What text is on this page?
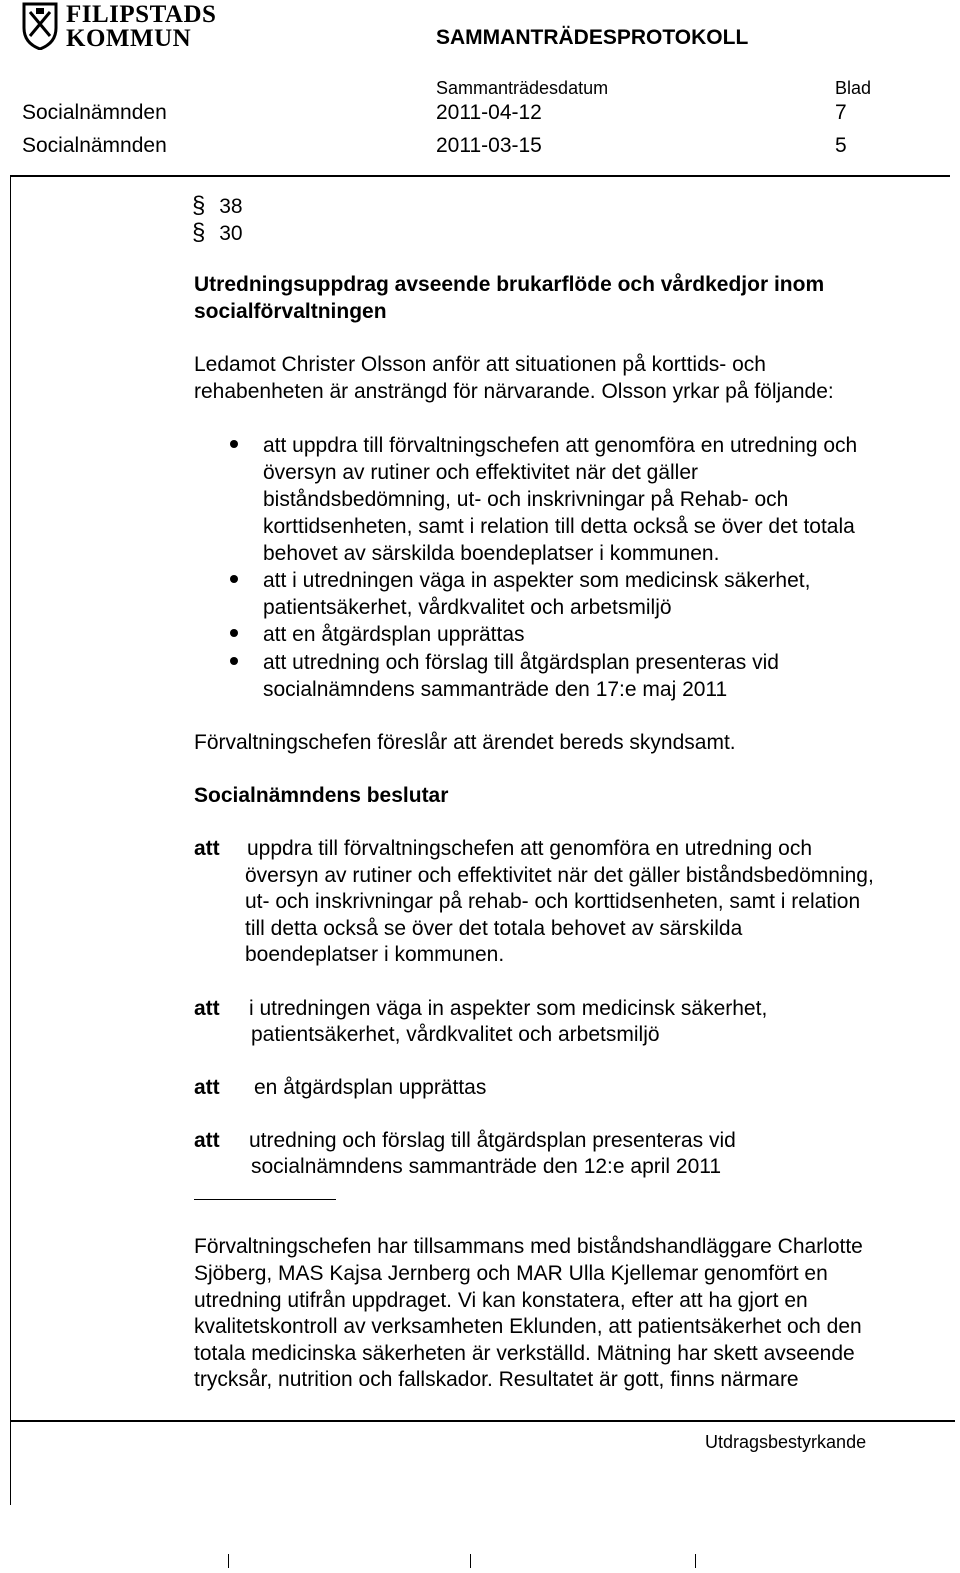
FILIPSTADS
KOMMUN	SAMMANTRÄDESPROTOKOLL
Sammanträdesdatum	Blad
Socialnämnden	2011-04-12	7
Socialnämnden	2011-03-15	5
§ 38
§ 30
Utredningsuppdrag avseende brukarflöde och vårdkedjor inom
socialförvaltningen
Ledamot Christer Olsson anför att situationen på korttids- och
rehabenheten är ansträngd för närvarande. Olsson yrkar på följande:
att uppdra till förvaltningschefen att genomföra en utredning och
översyn av rutiner och effektivitet när det gäller
biståndsbedömning, ut- och inskrivningar på Rehab- och
korttidsenheten, samt i relation till detta också se över det totala
behovet av särskilda boendeplatser i kommunen.
att i utredningen väga in aspekter som medicinsk säkerhet,
patientsäkerhet, vårdkvalitet och arbetsmiljö
att en åtgärdsplan upprättas
att utredning och förslag till åtgärdsplan presenteras vid
socialnämndens sammanträde den 17:e maj 2011
Förvaltningschefen föreslår att ärendet bereds skyndsamt.
Socialnämndens beslutar
att uppdra till förvaltningschefen att genomföra en utredning och
översyn av rutiner och effektivitet när det gäller biståndsbedömning,
ut- och inskrivningar på rehab- och korttidsenheten, samt i relation
till detta också se över det totala behovet av särskilda
boendeplatser i kommunen.
att i utredningen väga in aspekter som medicinsk säkerhet,
patientsäkerhet, vårdkvalitet och arbetsmiljö
att en åtgärdsplan upprättas
att utredning och förslag till åtgärdsplan presenteras vid
socialnämndens sammanträde den 12:e april 2011
Förvaltningschefen har tillsammans med biståndshandläggare Charlotte
Sjöberg, MAS Kajsa Jernberg och MAR Ulla Kjellemar genomfört en
utredning utifrån uppdraget. Vi kan konstatera, efter att ha gjort en
kvalitetskontroll av verksamheten Eklunden, att patientsäkerhet och den
totala medicinska säkerheten är verkställd. Mätning har skett avseende
trycksår, nutrition och fallskador. Resultatet är gott, finns närmare
Utdragsbestyrkande
